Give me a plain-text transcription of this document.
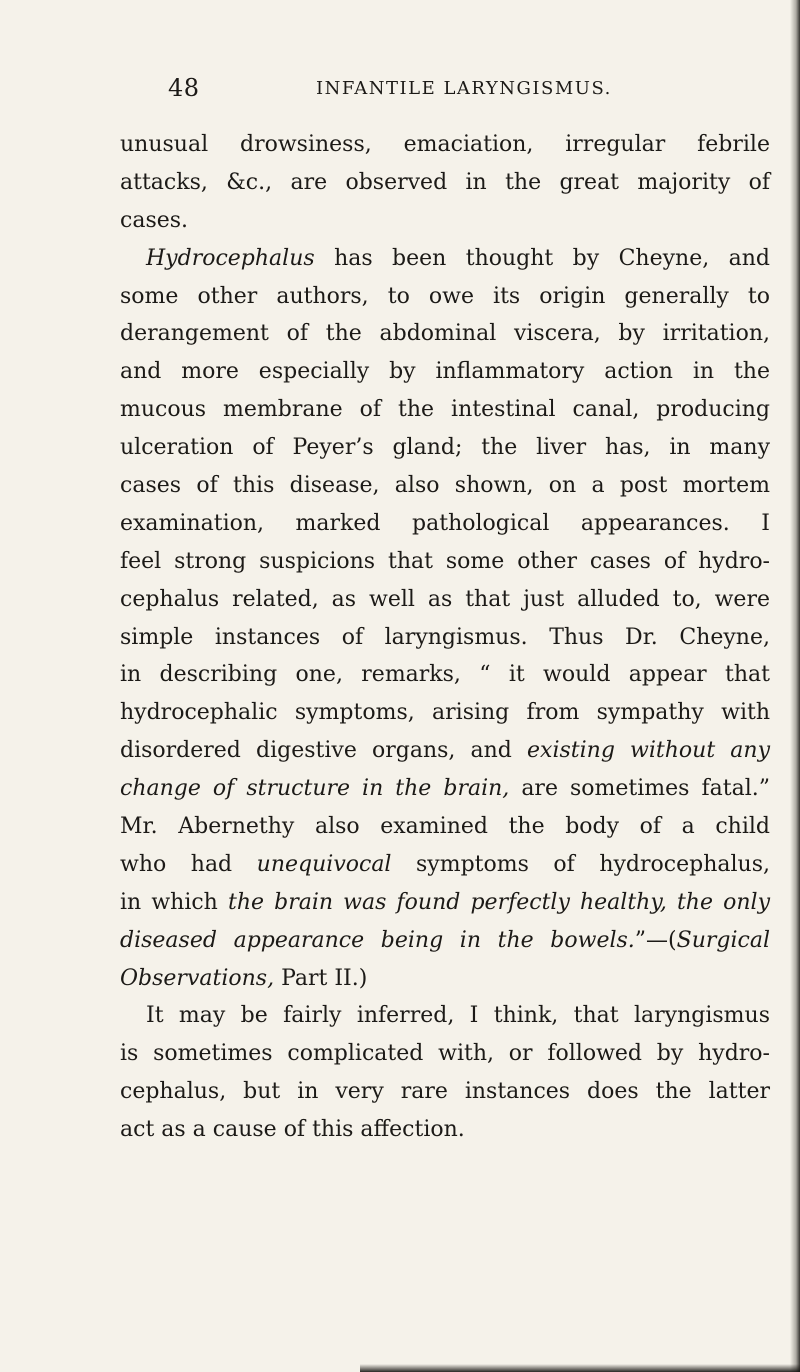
48	INFANTILE LARYNGISMUS.
unusual drowsiness, emaciation, irregular febrile
attacks, &c., are observed in the great majority of
cases.
Hydrocephalus has been thought by Cheyne, and
some other authors, to owe its origin generally to
derangement of the abdominal viscera, by irritation,
and more especially by inflammatory action in the
mucous membrane of the intestinal canal, producing
ulceration of Peyer’s gland; the liver has, in many
cases of this disease, also shown, on a post mortem
examination, marked pathological appearances. I
feel strong suspicions that some other cases of hydro-
cephalus related, as well as that just alluded to, were
simple instances of laryngismus. Thus Dr. Cheyne,
in describing one, remarks, “ it would appear that
hydrocephalic symptoms, arising from sympathy with
disordered digestive organs, and existing without any
change of structure in the brain, are sometimes fatal.”
Mr. Abernethy also examined the body of a child
who had unequivocal symptoms of hydrocephalus,
in which the brain was found perfectly healthy, the only
diseased appearance being in the bowels.”—(Surgical
Observations, Part II.)
It may be fairly inferred, I think, that laryngismus
is sometimes complicated with, or followed by hydro-
cephalus, but in very rare instances does the latter
act as a cause of this affection.
